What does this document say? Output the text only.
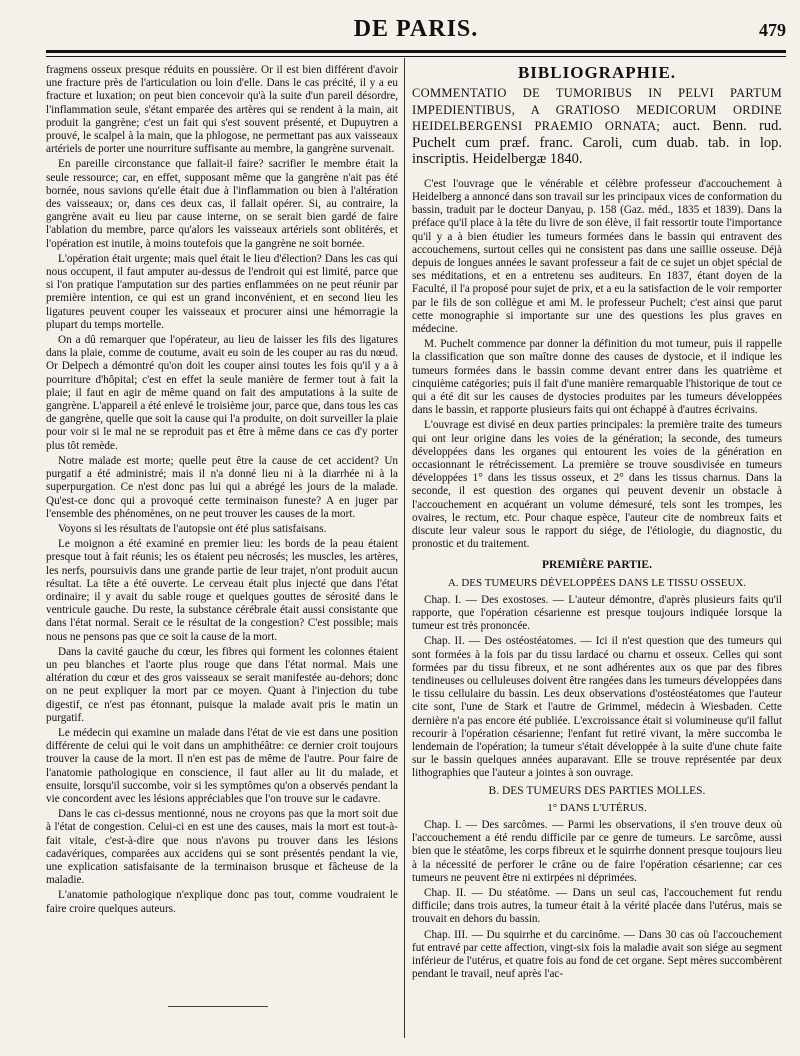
DE PARIS.	479

fragmens osseux presque réduits en poussière. Or il est bien différent d'avoir une fracture près de l'articulation ou loin d'elle. Dans le cas précité, il y a eu fracture et luxation; on peut bien concevoir qu'à la suite d'un pareil désordre, l'inflammation seule, s'étant emparée des artères qui se rendent à la main, ait produit la gangrène; c'est un fait qui s'est souvent présenté, et Dupuytren a prouvé, le scalpel à la main, que la phlogose, ne permettant pas aux vaisseaux artériels de porter une nourriture suffisante au membre, la gangrène survenait.

En pareille circonstance que fallait-il faire? sacrifier le membre était la seule ressource; car, en effet, supposant même que la gangrène n'ait pas été bornée, nous savions qu'elle était due à l'inflammation ou bien à l'altération des vaisseaux; or, dans ces deux cas, il fallait opérer. Si, au contraire, la gangrène avait eu lieu par cause interne, on se serait bien gardé de faire l'ablation du membre, parce qu'alors les vaisseaux artériels sont oblitérés, et l'opération est inutile, à moins toutefois que la gangrène ne soit bornée.

L'opération était urgente; mais quel était le lieu d'élection? Dans les cas qui nous occupent, il faut amputer au-dessus de l'endroit qui est limité, parce que si l'on pratique l'amputation sur des parties enflammées on ne peut réunir par première intention, ce qui est un grand inconvénient, et en second lieu les ligatures peuvent couper les vaisseaux et procurer ainsi une hémorragie la plupart du temps mortelle.

On a dû remarquer que l'opérateur, au lieu de laisser les fils des ligatures dans la plaie, comme de coutume, avait eu soin de les couper au ras du nœud. Or Delpech a démontré qu'on doit les couper ainsi toutes les fois qu'il y a à pourriture d'hôpital; c'est en effet la seule manière de fermer tout à fait la plaie; il faut en agir de même quand on fait des amputations à la suite de gangrène. L'appareil a été enlevé le troisième jour, parce que, dans tous les cas de gangrène, quelle que soit la cause qui l'a produite, on doit surveiller la plaie pour voir si le mal ne se reproduit pas et être à même dans ce cas d'y porter plus tôt remède.

Notre malade est morte; quelle peut être la cause de cet accident? Un purgatif a été administré; mais il n'a donné lieu ni à la diarrhée ni à la superpurgation. Ce n'est donc pas lui qui a abrégé les jours de la malade. Qu'est-ce donc qui a provoqué cette terminaison funeste? A en juger par l'ensemble des phénomènes, on ne peut trouver les causes de la mort.

Voyons si les résultats de l'autopsie ont été plus satisfaisans.

Le moignon a été examiné en premier lieu: les bords de la peau étaient presque tout à fait réunis; les os étaient peu nécrosés; les muscles, les artères, les nerfs, poursuivis dans une grande partie de leur trajet, n'ont produit aucun résultat. La tête a été ouverte. Le cerveau était plus injecté que dans l'état ordinaire; il y avait du sable rouge et quelques gouttes de sérosité dans le ventricule gauche. Du reste, la substance cérébrale était aussi consistante que dans l'état normal. Serait ce le résultat de la congestion? C'est possible; mais nous ne pensons pas que ce soit la cause de la mort.

Dans la cavité gauche du cœur, les fibres qui forment les colonnes étaient un peu blanches et l'aorte plus rouge que dans l'état normal. Mais une altération du cœur et des gros vaisseaux se serait manifestée au-dehors; donc on ne peut expliquer la mort par ce moyen. Quant à l'injection du tube digestif, ce n'est pas étonnant, puisque la malade avait pris le matin un purgatif.

Le médecin qui examine un malade dans l'état de vie est dans une position différente de celui qui le voit dans un amphithéâtre: ce dernier croit toujours trouver la cause de la mort. Il n'en est pas de même de l'autre. Pour faire de l'anatomie pathologique en conscience, il faut aller au lit du malade, et ensuite, lorsqu'il succombe, voir si les symptômes qu'on a observés pendant la vie concordent avec les lésions appréciables que l'on trouve sur le cadavre.

Dans le cas ci-dessus mentionné, nous ne croyons pas que la mort soit due à l'état de congestion. Celui-ci en est une des causes, mais la mort est tout-à-fait vitale, c'est-à-dire que nous n'avons pu trouver dans les lésions cadavériques, comparées aux accidens qui se sont présentés pendant la vie, une explication satisfaisante de la terminaison brusque et fâcheuse de la maladie.

L'anatomie pathologique n'explique donc pas tout, comme voudraient le faire croire quelques auteurs.

BIBLIOGRAPHIE.
COMMENTATIO DE TUMORIBUS IN PELVI PARTUM IMPEDIENTIBUS, A GRATIOSO MEDICORUM ORDINE HEIDELBERGENSI PRAEMIO ORNATA; auct. Benn. rud. Puchelt cum præf. franc. Caroli, cum duab. tab. in lop. inscriptis. Heidelbergæ 1840.

C'est l'ouvrage que le vénérable et célèbre professeur d'accouchement à Heidelberg a annoncé dans son travail sur les principaux vices de conformation du bassin, traduit par le docteur Danyau, p. 158 (Gaz. méd., 1835 et 1839). Dans la préface qu'il place à la tête du livre de son élève, il fait ressortir toute l'importance qu'il y a à bien étudier les tumeurs formées dans le bassin qui entravent des accouchemens, surtout celles qui ne consistent pas dans une saillie osseuse. Déjà depuis de longues années le savant professeur a fait de ce sujet un objet spécial de ses méditations, et en a entretenu ses auditeurs. En 1837, étant doyen de la Faculté, il l'a proposé pour sujet de prix, et a eu la satisfaction de le voir remporter par le fils de son collègue et ami M. le professeur Puchelt; c'est ainsi que parut cette monographie si importante sur une des questions les plus graves en médecine.

M. Puchelt commence par donner la définition du mot tumeur, puis il rappelle la classification que son maître donne des causes de dystocie, et il indique les tumeurs formées dans le bassin comme devant entrer dans les quatrième et cinquième catégories; puis il fait d'une manière remarquable l'historique de tout ce qui a été dit sur les causes de dystocies produites par les tumeurs développées dans le bassin, et rapporte plusieurs faits qui ont échappé à d'autres écrivains.

L'ouvrage est divisé en deux parties principales: la première traite des tumeurs qui ont leur origine dans les voies de la génération; la seconde, des tumeurs développées dans les organes qui entourent les voies de la génération en occasionnant le rétrécissement. La première se trouve sousdivisée en tumeurs développées 1° dans les tissus osseux, et 2° dans les tissus charnus. Dans la seconde, il est question des organes qui peuvent devenir un obstacle à l'accouchement en acquérant un volume démesuré, tels sont les trompes, les ovaires, le rectum, etc. Pour chaque espèce, l'auteur cite de nombreux faits et discute leur valeur sous le rapport du siége, de l'étiologie, du diagnostic, du pronostic et du traitement.

PREMIÈRE PARTIE.
A. DES TUMEURS DÉVELOPPÉES DANS LE TISSU OSSEUX.

Chap. I. — Des exostoses. — L'auteur démontre, d'après plusieurs faits qu'il rapporte, que l'opération césarienne est presque toujours indiquée lorsque la tumeur est très prononcée.

Chap. II. — Des ostéostéatomes. — Ici il n'est question que des tumeurs qui sont formées à la fois par du tissu lardacé ou charnu et osseux. Celles qui sont formées par du tissu fibreux, et ne sont adhérentes aux os que par des fibres tendineuses ou celluleuses doivent être rangées dans les tumeurs développées dans le tissu cellulaire du bassin. Les deux observations d'ostéostéatomes que l'auteur cite sont, l'une de Stark et l'autre de Grimmel, médecin à Wiesbaden. Cette dernière n'a pas encore été publiée. L'excroissance était si volumineuse qu'il fallut recourir à l'opération césarienne; l'enfant fut retiré vivant, la mère succomba le lendemain de l'opération; la tumeur s'était développée à la suite d'une chute faite sur le bassin quelques années auparavant. Elle se trouve représentée par deux lithographies que l'auteur a jointes à son ouvrage.

B. DES TUMEURS DES PARTIES MOLLES.
1° DANS L'UTÉRUS.

Chap. I. — Des sarcômes. — Parmi les observations, il s'en trouve deux où l'accouchement a été rendu difficile par ce genre de tumeurs. Le sarcôme, aussi bien que le stéatôme, les corps fibreux et le squirrhe donnent presque toujours lieu à la nécessité de perforer le crâne ou de faire l'opération césarienne; car ces tumeurs ne peuvent être ni extirpées ni déprimées.

Chap. II. — Du stéatôme. — Dans un seul cas, l'accouchement fut rendu difficile; dans trois autres, la tumeur était à la vérité placée dans l'utérus, mais se trouvait en dehors du bassin.

Chap. III. — Du squirrhe et du carcinôme. — Dans 30 cas où l'accouchement fut entravé par cette affection, vingt-six fois la maladie avait son siége au segment inférieur de l'utérus, et quatre fois au fond de cet organe. Sept mères succombèrent pendant le travail, neuf après l'ac-
